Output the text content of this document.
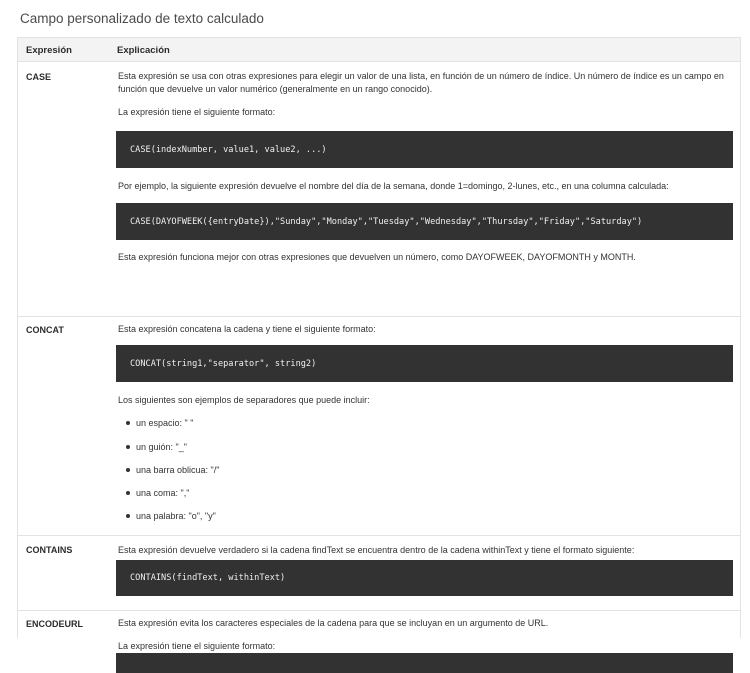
Campo personalizado de texto calculado
Expresión	Explicación
CASE	Esta expresión se usa con otras expresiones para elegir un valor de una lista, en función de un número de índice. Un número de índice es un campo en función que devuelve un valor numérico (generalmente en un rango conocido).
La expresión tiene el siguiente formato:
CASE(indexNumber, value1, value2, ...)
Por ejemplo, la siguiente expresión devuelve el nombre del día de la semana, donde 1=domingo, 2-lunes, etc., en una columna calculada:
CASE(DAYOFWEEK({entryDate}),"Sunday","Monday","Tuesday","Wednesday","Thursday","Friday","Saturday")
Esta expresión funciona mejor con otras expresiones que devuelven un número, como DAYOFWEEK, DAYOFMONTH y MONTH.
CONCAT	Esta expresión concatena la cadena y tiene el siguiente formato:
CONCAT(string1,"separator", string2)
Los siguientes son ejemplos de separadores que puede incluir:
un espacio: " "
un guión: "_"
una barra oblicua: "/"
una coma: ","
una palabra: "o", "y"
CONTAINS	Esta expresión devuelve verdadero si la cadena findText se encuentra dentro de la cadena withinText y tiene el formato siguiente:
CONTAINS(findText, withinText)
ENCODEURL	Esta expresión evita los caracteres especiales de la cadena para que se incluyan en un argumento de URL.
La expresión tiene el siguiente formato:
